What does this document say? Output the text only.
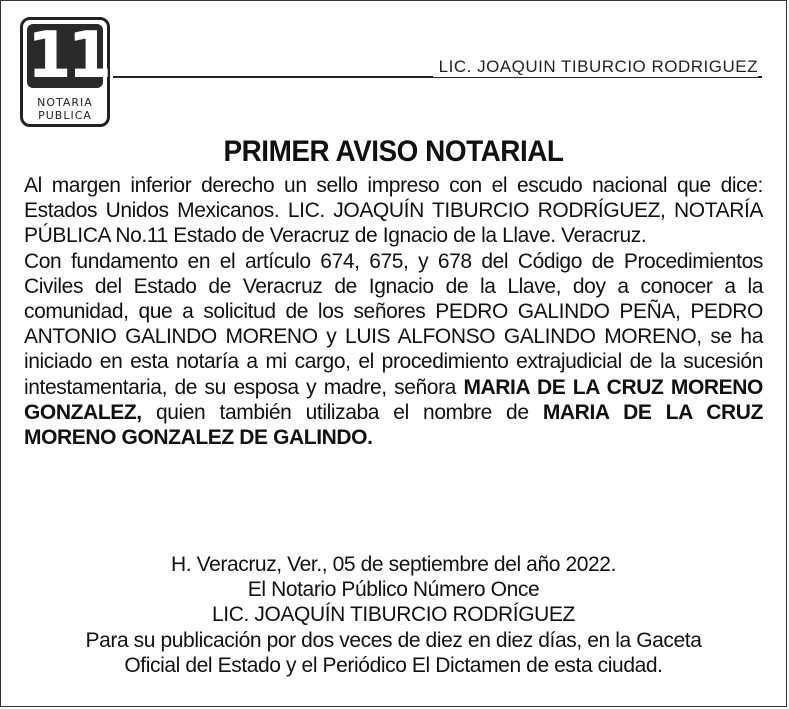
11
NOTARIA
PUBLICA
LIC. JOAQUIN TIBURCIO RODRIGUEZ
PRIMER AVISO NOTARIAL

Al margen inferior derecho un sello impreso con el escudo nacional que dice: Estados Unidos Mexicanos. LIC. JOAQUÍN TIBURCIO RODRÍGUEZ, NOTARÍA PÚBLICA No.11 Estado de Veracruz de Ignacio de la Llave. Veracruz.

Con fundamento en el artículo 674, 675, y 678 del Código de Procedimientos Civiles del Estado de Veracruz de Ignacio de la Llave, doy a conocer a la comunidad, que a solicitud de los señores PEDRO GALINDO PEÑA, PEDRO ANTONIO GALINDO MORENO y LUIS ALFONSO GALINDO MORENO, se ha iniciado en esta notaría a mi cargo, el procedimiento extrajudicial de la sucesión intestamentaria, de su esposa y madre, señora MARIA DE LA CRUZ MORENO GONZALEZ, quien también utilizaba el nombre de MARIA DE LA CRUZ MORENO GONZALEZ DE GALINDO.

H. Veracruz, Ver., 05 de septiembre del año 2022.
El Notario Público Número Once
LIC. JOAQUÍN TIBURCIO RODRÍGUEZ
Para su publicación por dos veces de diez en diez días, en la Gaceta
Oficial del Estado y el Periódico El Dictamen de esta ciudad.
